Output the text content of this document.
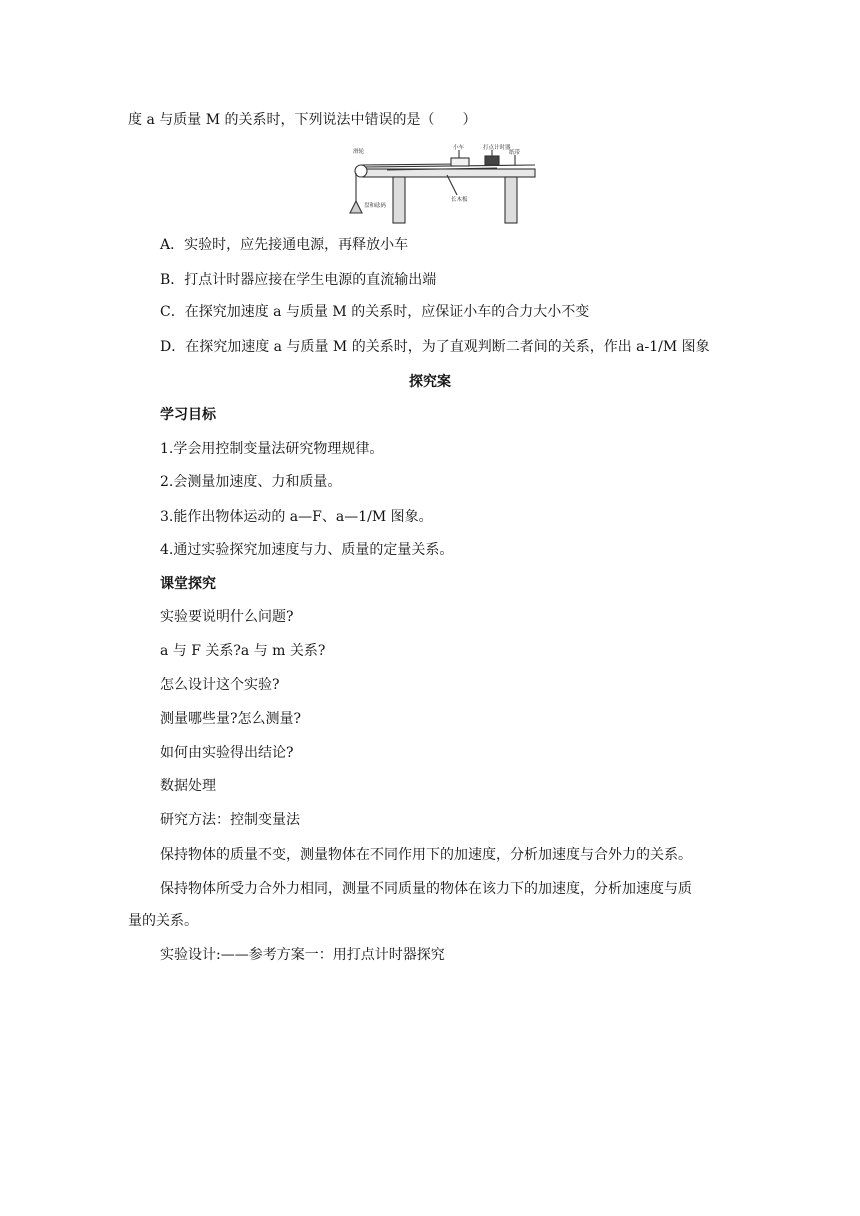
度 a 与质量 M 的关系时，下列说法中错误的是（　　）
滑轮
小车	打点计时器
纸带
长木板
盘和砝码
A．实验时，应先接通电源，再释放小车
B．打点计时器应接在学生电源的直流输出端
C．在探究加速度 a 与质量 M 的关系时，应保证小车的合力大小不变
D．在探究加速度 a 与质量 M 的关系时，为了直观判断二者间的关系，作出 a-1/M 图象
探究案
学习目标
1.学会用控制变量法研究物理规律。
2.会测量加速度、力和质量。
3.能作出物体运动的 a—F、a—1/M 图象。
4.通过实验探究加速度与力、质量的定量关系。
课堂探究
实验要说明什么问题?
a 与 F 关系?a 与 m 关系?
怎么设计这个实验?
测量哪些量?怎么测量?
如何由实验得出结论?
数据处理
研究方法：控制变量法
保持物体的质量不变，测量物体在不同作用下的加速度，分析加速度与合外力的关系。
保持物体所受力合外力相同，测量不同质量的物体在该力下的加速度，分析加速度与质
量的关系。
实验设计:——参考方案一：用打点计时器探究
